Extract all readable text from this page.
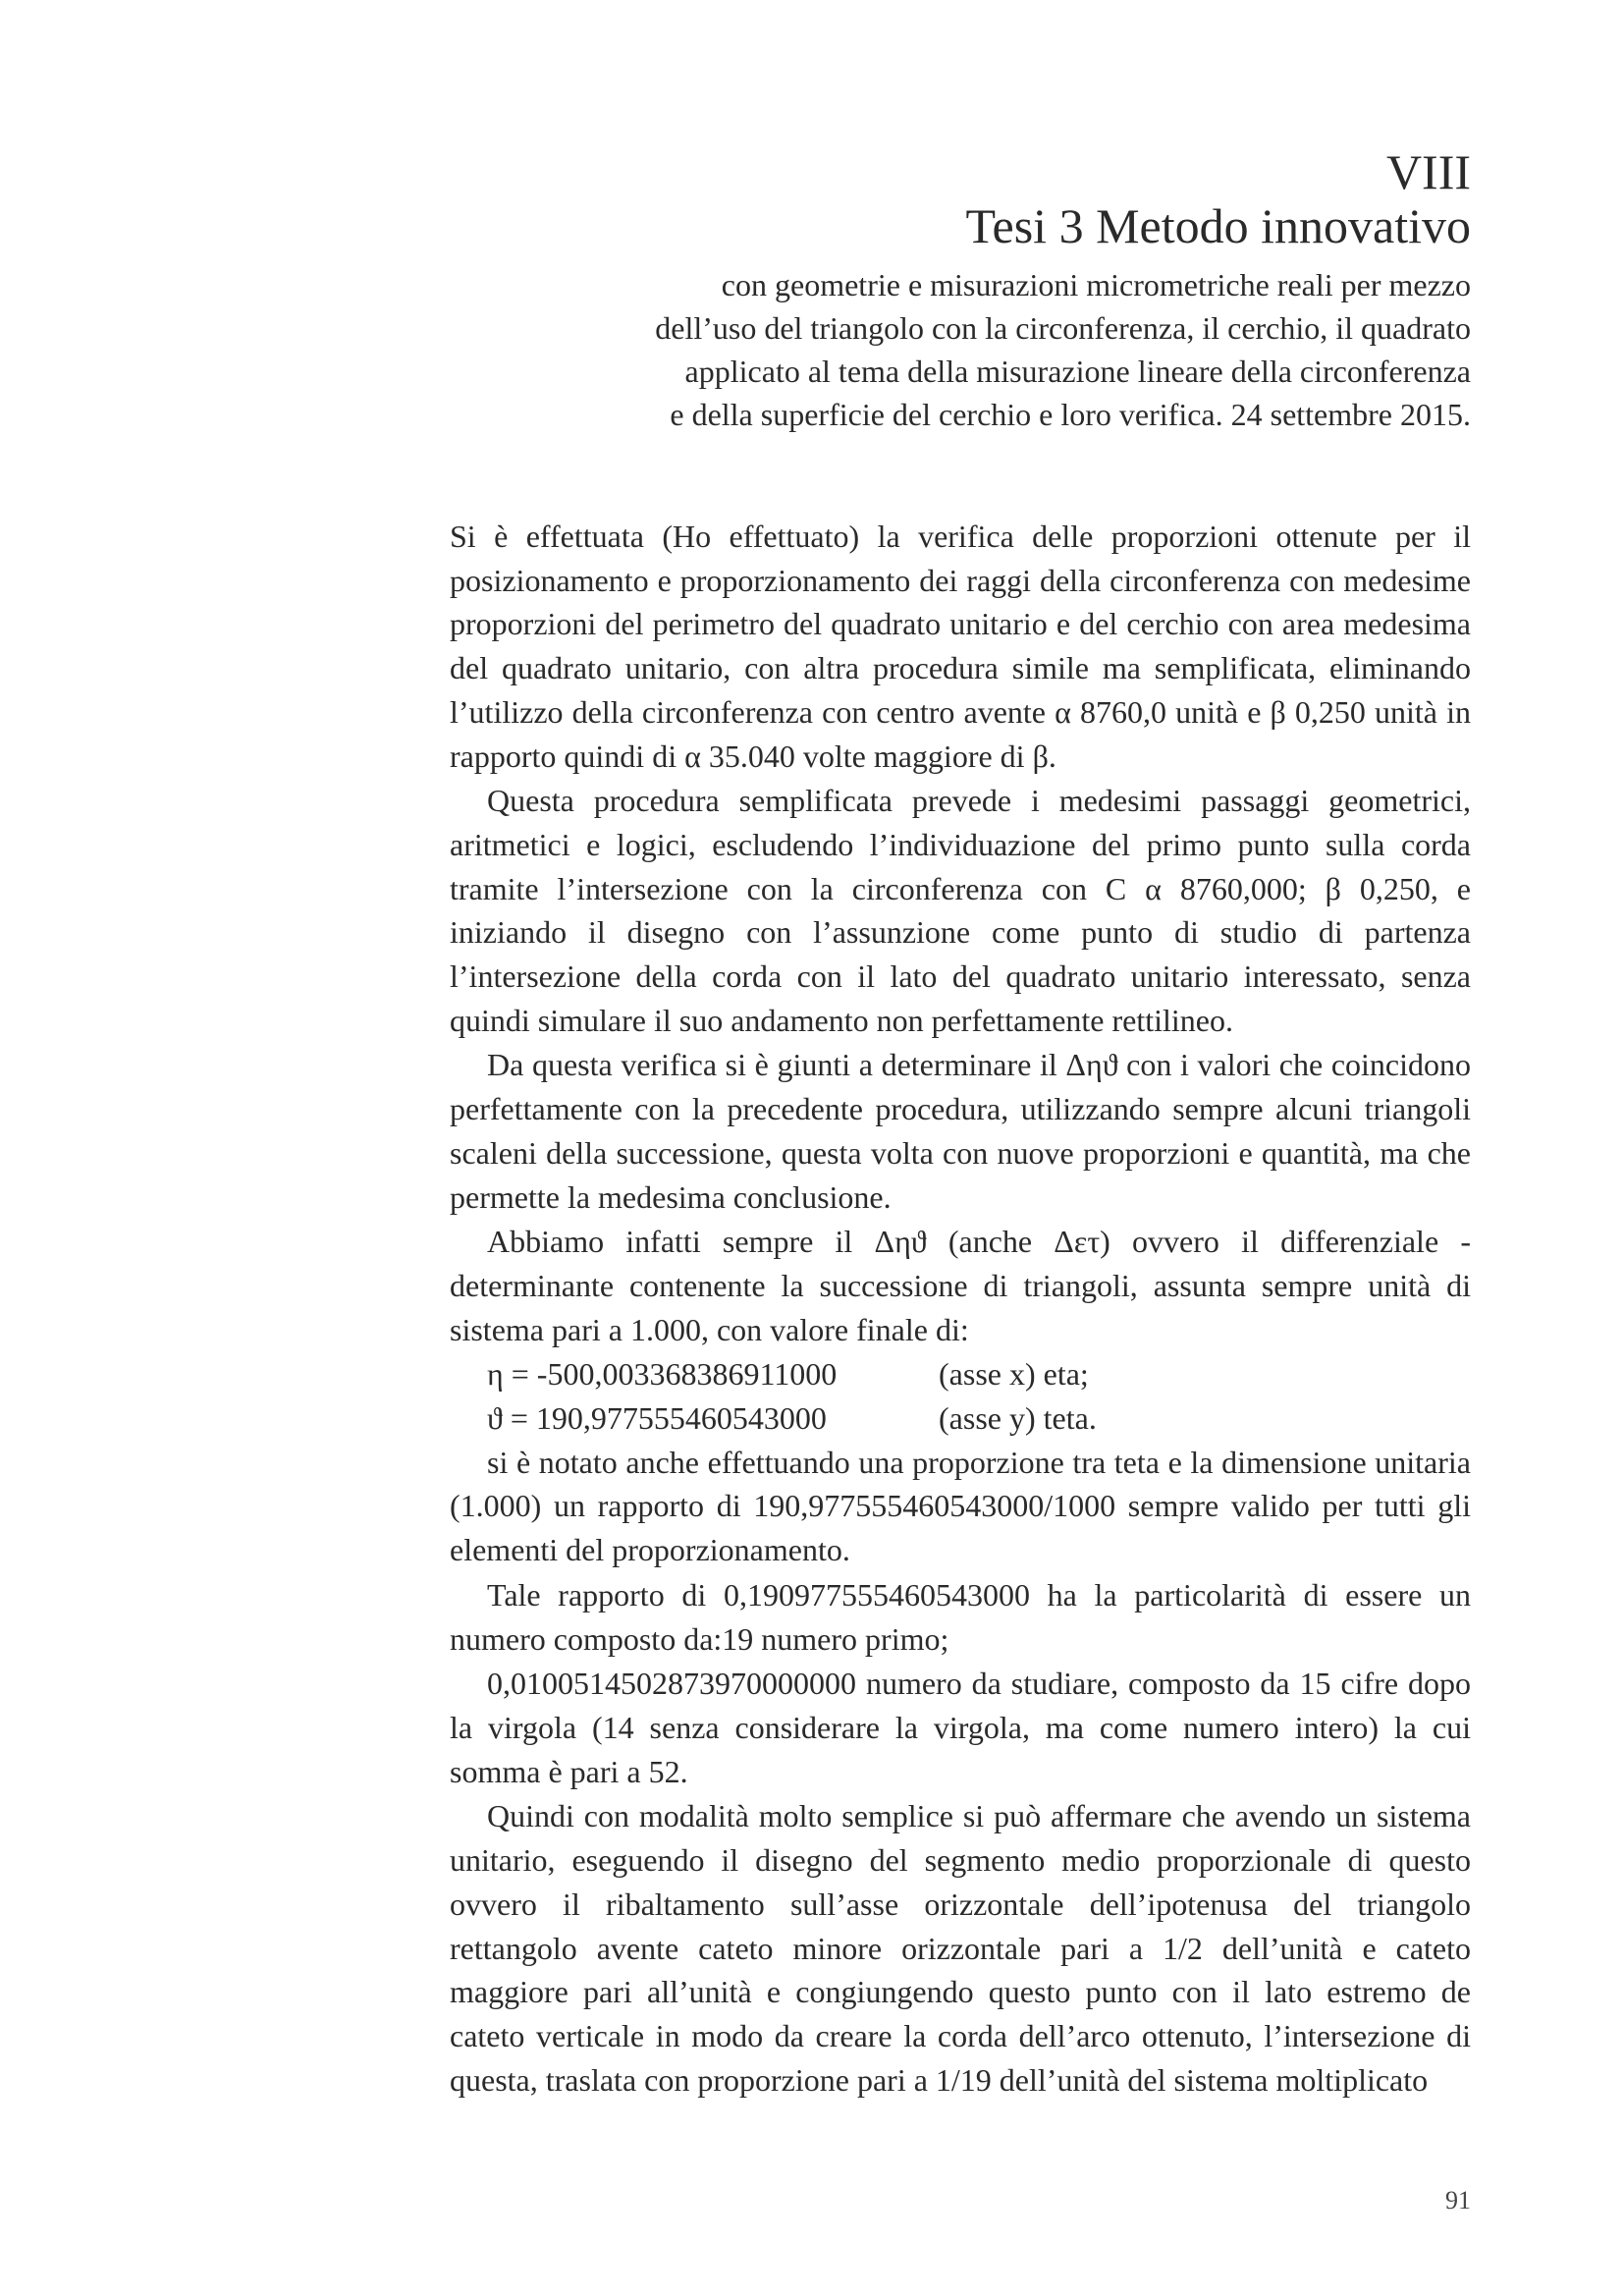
VIII
Tesi 3 Metodo innovativo
con geometrie e misurazioni micrometriche reali per mezzo
dell’uso del triangolo con la circonferenza, il cerchio, il quadrato
applicato al tema della misurazione lineare della circonferenza
e della superficie del cerchio e loro verifica. 24 settembre 2015.

Si è effettuata (Ho effettuato) la verifica delle proporzioni ottenute per il posizionamento e proporzionamento dei raggi della circonferenza con medesime proporzioni del perimetro del quadrato unitario e del cerchio con area medesima del quadrato unitario, con altra procedura simile ma semplificata, eliminando l’utilizzo della circonferenza con centro avente α 8760,0 unità e β 0,250 unità in rapporto quindi di α 35.040 volte maggiore di β.

Questa procedura semplificata prevede i medesimi passaggi geometrici, aritmetici e logici, escludendo l’individuazione del primo punto sulla corda tramite l’intersezione con la circonferenza con C α 8760,000; β 0,250, e iniziando il disegno con l’assunzione come punto di studio di partenza l’intersezione della corda con il lato del quadrato unitario interessato, senza quindi simulare il suo andamento non perfettamente rettilineo.

Da questa verifica si è giunti a determinare il Δηϑ con i valori che coincidono perfettamente con la precedente procedura, utilizzando sempre alcuni triangoli scaleni della successione, questa volta con nuove proporzioni e quantità, ma che permette la medesima conclusione.

Abbiamo infatti sempre il Δηϑ (anche Δετ) ovvero il differenziale - determinante contenente la successione di triangoli, assunta sempre unità di sistema pari a 1.000, con valore finale di:

η = -500,003368386911000	(asse x) eta;
ϑ = 190,977555460543000	(asse y) teta.

si è notato anche effettuando una proporzione tra teta e la dimensione unitaria (1.000) un rapporto di 190,977555460543000/1000 sempre valido per tutti gli elementi del proporzionamento.

Tale rapporto di 0,190977555460543000 ha la particolarità di essere un numero composto da:19 numero primo;

0,0100514502873970000000 numero da studiare, composto da 15 cifre dopo la virgola (14 senza considerare la virgola, ma come numero intero) la cui somma è pari a 52.

Quindi con modalità molto semplice si può affermare che avendo un sistema unitario, eseguendo il disegno del segmento medio proporzionale di questo ovvero il ribaltamento sull’asse orizzontale dell’ipotenusa del triangolo rettangolo avente cateto minore orizzontale pari a 1/2 dell’unità e cateto maggiore pari all’unità e congiungendo questo punto con il lato estremo de cateto verticale in modo da creare la corda dell’arco ottenuto, l’intersezione di questa, traslata con proporzione pari a 1/19 dell’unità del sistema moltiplicato

91
